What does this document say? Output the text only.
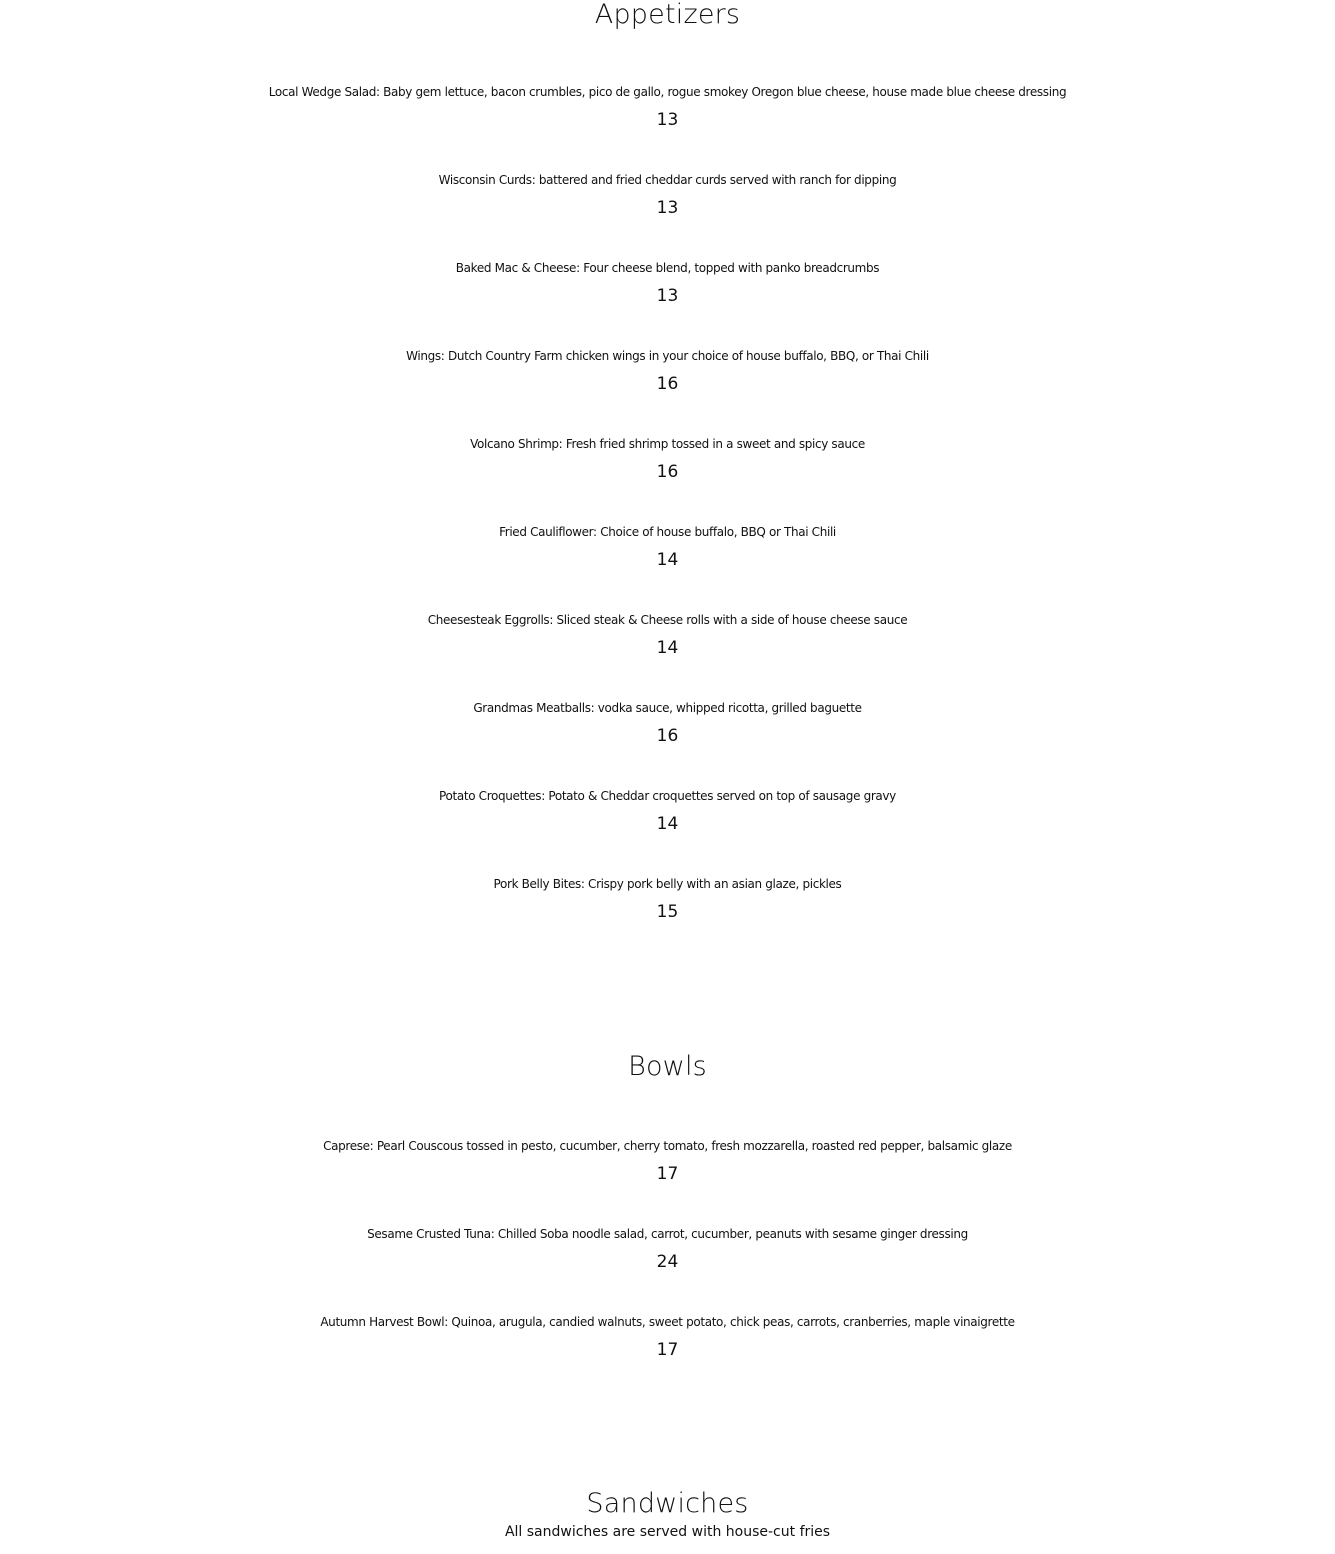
Appetizers
Local Wedge Salad: Baby gem lettuce, bacon crumbles, pico de gallo, rogue smokey Oregon blue cheese, house made blue cheese dressing
13
Wisconsin Curds: battered and fried cheddar curds served with ranch for dipping
13
Baked Mac & Cheese: Four cheese blend, topped with panko breadcrumbs
13
Wings: Dutch Country Farm chicken wings in your choice of house buffalo, BBQ, or Thai Chili
16
Volcano Shrimp: Fresh fried shrimp tossed in a sweet and spicy sauce
16
Fried Cauliflower: Choice of house buffalo, BBQ or Thai Chili
14
Cheesesteak Eggrolls: Sliced steak & Cheese rolls with a side of house cheese sauce
14
Grandmas Meatballs: vodka sauce, whipped ricotta, grilled baguette
16
Potato Croquettes: Potato & Cheddar croquettes served on top of sausage gravy
14
Pork Belly Bites: Crispy pork belly with an asian glaze, pickles
15
Bowls
Caprese: Pearl Couscous tossed in pesto, cucumber, cherry tomato, fresh mozzarella, roasted red pepper, balsamic glaze
17
Sesame Crusted Tuna: Chilled Soba noodle salad, carrot, cucumber, peanuts with sesame ginger dressing
24
Autumn Harvest Bowl: Quinoa, arugula, candied walnuts, sweet potato, chick peas, carrots, cranberries, maple vinaigrette
17
Sandwiches

All sandwiches are served with house-cut fries
